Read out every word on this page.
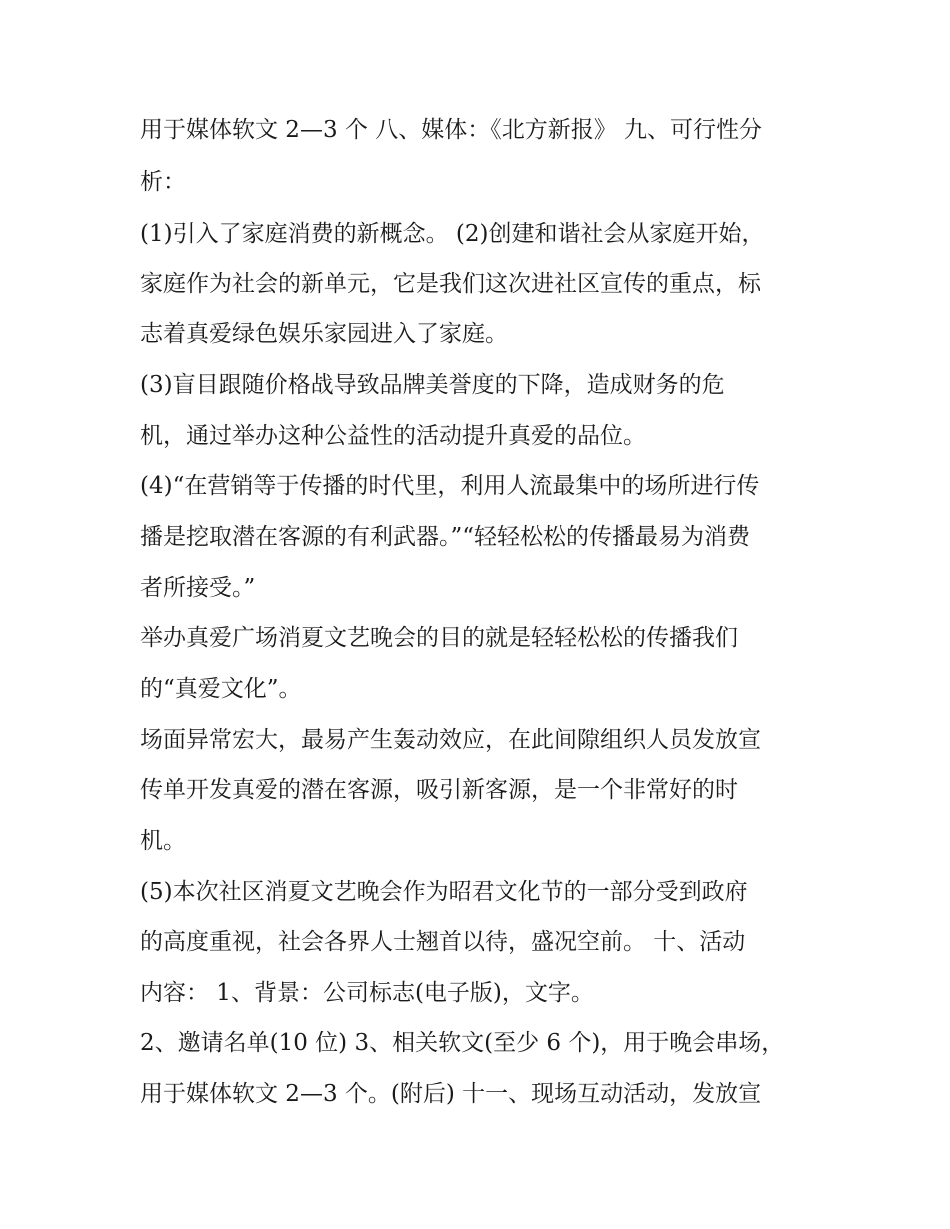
用于媒体软文 2—3 个 八、媒体：《北方新报》 九、可行性分
析：
(1)引入了家庭消费的新概念。 (2)创建和谐社会从家庭开始，
家庭作为社会的新单元，它是我们这次进社区宣传的重点，标
志着真爱绿色娱乐家园进入了家庭。
(3)盲目跟随价格战导致品牌美誉度的下降，造成财务的危
机，通过举办这种公益性的活动提升真爱的品位。
(4)“在营销等于传播的时代里，利用人流最集中的场所进行传
播是挖取潜在客源的有利武器。”“轻轻松松的传播最易为消费
者所接受。”
举办真爱广场消夏文艺晚会的目的就是轻轻松松的传播我们
的“真爱文化”。
场面异常宏大，最易产生轰动效应，在此间隙组织人员发放宣
传单开发真爱的潜在客源，吸引新客源，是一个非常好的时
机。
(5)本次社区消夏文艺晚会作为昭君文化节的一部分受到政府
的高度重视，社会各界人士翘首以待，盛况空前。 十、活动
内容： 1、背景：公司标志(电子版)，文字。
2、邀请名单(10 位) 3、相关软文(至少 6 个)，用于晚会串场，
用于媒体软文 2—3 个。(附后) 十一、现场互动活动，发放宣
